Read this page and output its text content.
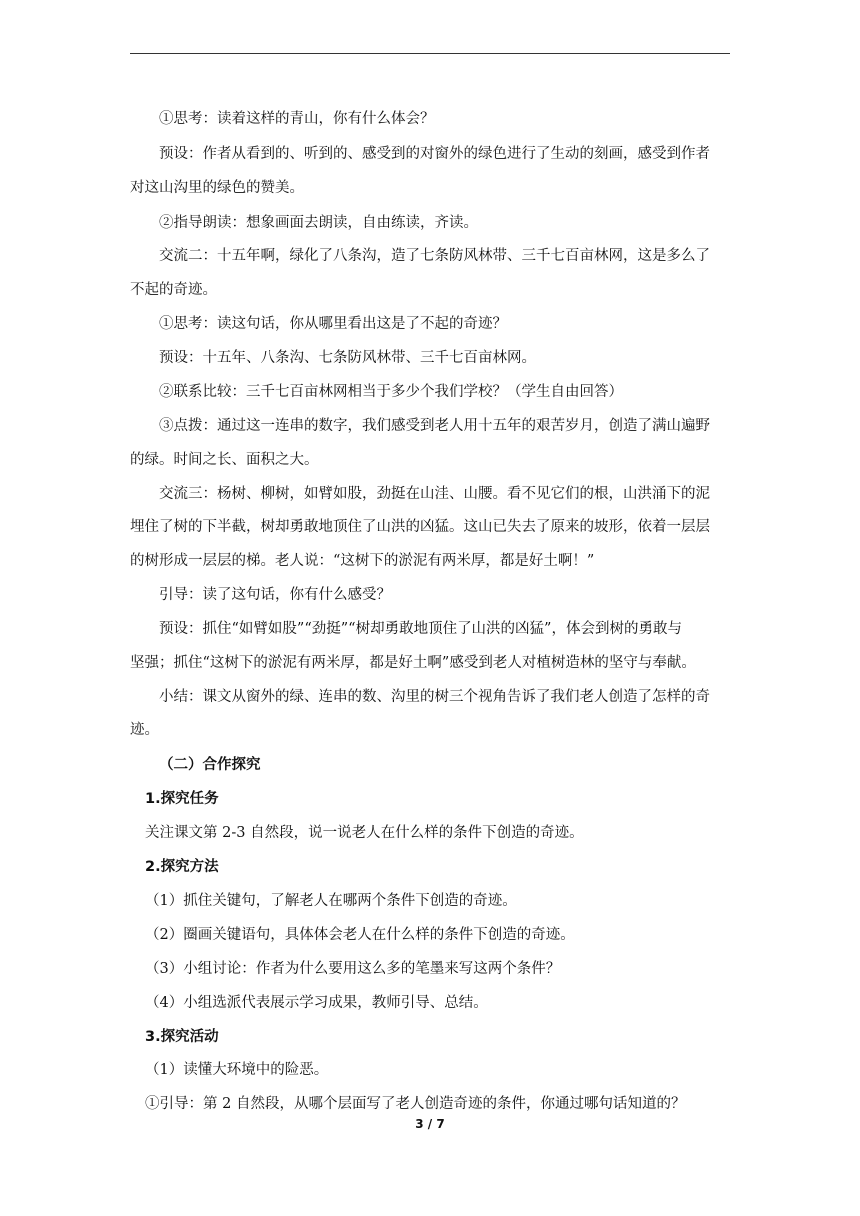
①思考：读着这样的青山，你有什么体会？
预设：作者从看到的、听到的、感受到的对窗外的绿色进行了生动的刻画，感受到作者
对这山沟里的绿色的赞美。
②指导朗读：想象画面去朗读，自由练读，齐读。
交流二：十五年啊，绿化了八条沟，造了七条防风林带、三千七百亩林网，这是多么了
不起的奇迹。
①思考：读这句话，你从哪里看出这是了不起的奇迹？
预设：十五年、八条沟、七条防风林带、三千七百亩林网。
②联系比较：三千七百亩林网相当于多少个我们学校？（学生自由回答）
③点拨：通过这一连串的数字，我们感受到老人用十五年的艰苦岁月，创造了满山遍野
的绿。时间之长、面积之大。
交流三：杨树、柳树，如臂如股，劲挺在山洼、山腰。看不见它们的根，山洪涌下的泥
埋住了树的下半截，树却勇敢地顶住了山洪的凶猛。这山已失去了原来的坡形，依着一层层
的树形成一层层的梯。老人说：“这树下的淤泥有两米厚，都是好土啊！”
引导：读了这句话，你有什么感受？
预设：抓住“如臂如股”“劲挺”“树却勇敢地顶住了山洪的凶猛”，体会到树的勇敢与
坚强；抓住“这树下的淤泥有两米厚，都是好土啊”感受到老人对植树造林的坚守与奉献。
小结：课文从窗外的绿、连串的数、沟里的树三个视角告诉了我们老人创造了怎样的奇
迹。
（二）合作探究
1.探究任务
关注课文第 2-3 自然段，说一说老人在什么样的条件下创造的奇迹。
2.探究方法
（1）抓住关键句，了解老人在哪两个条件下创造的奇迹。
（2）圈画关键语句，具体体会老人在什么样的条件下创造的奇迹。
（3）小组讨论：作者为什么要用这么多的笔墨来写这两个条件？
（4）小组选派代表展示学习成果，教师引导、总结。
3.探究活动
（1）读懂大环境中的险恶。
①引导：第 2 自然段，从哪个层面写了老人创造奇迹的条件，你通过哪句话知道的？
3 / 7
